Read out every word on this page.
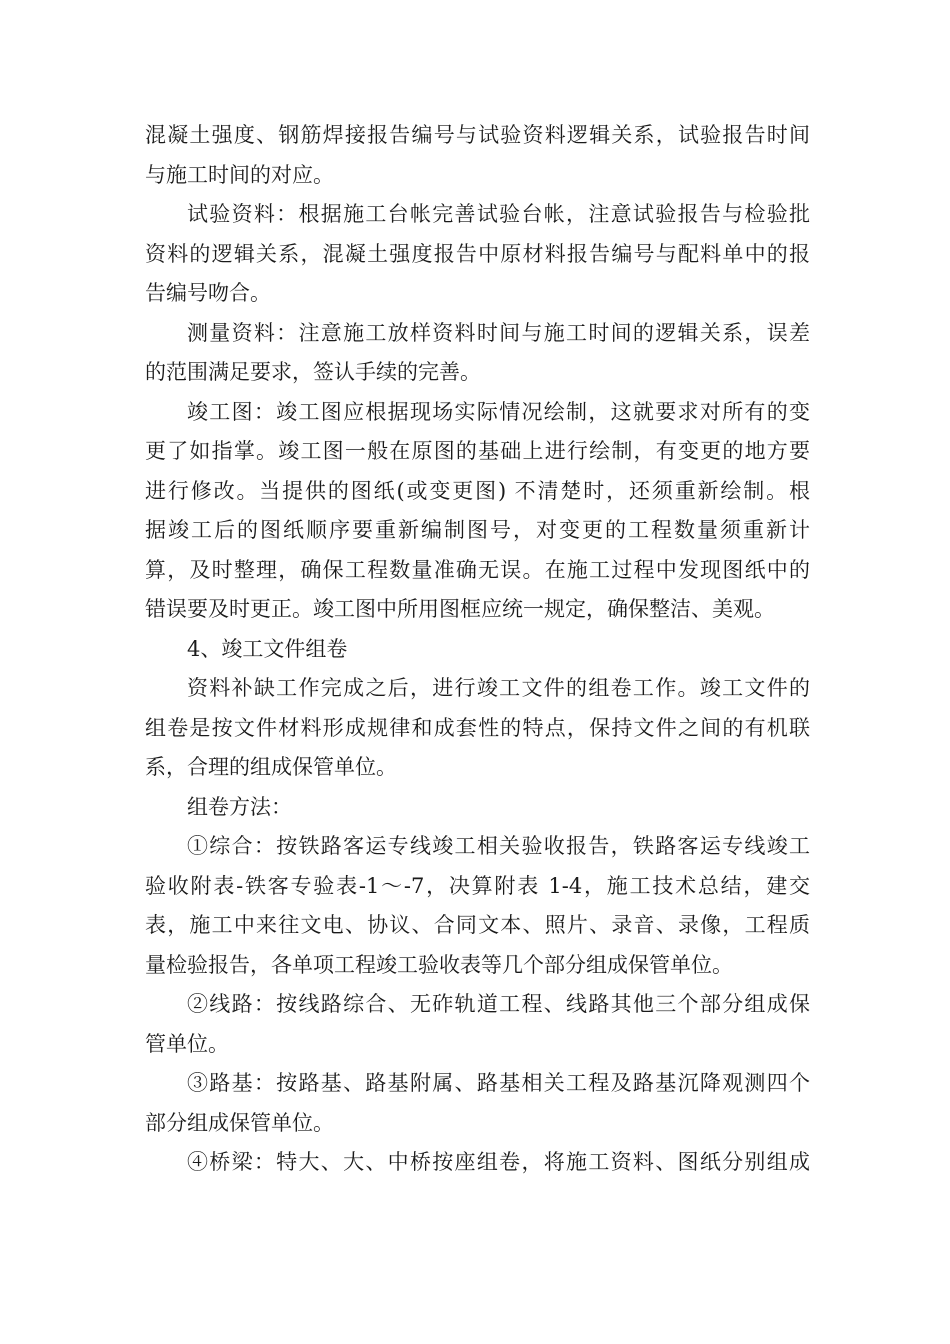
混凝土强度、钢筋焊接报告编号与试验资料逻辑关系，试验报告时间
与施工时间的对应。
试验资料：根据施工台帐完善试验台帐，注意试验报告与检验批
资料的逻辑关系，混凝土强度报告中原材料报告编号与配料单中的报
告编号吻合。
测量资料：注意施工放样资料时间与施工时间的逻辑关系，误差
的范围满足要求，签认手续的完善。
竣工图：竣工图应根据现场实际情况绘制，这就要求对所有的变
更了如指掌。竣工图一般在原图的基础上进行绘制，有变更的地方要
进行修改。当提供的图纸(或变更图) 不清楚时，还须重新绘制。根
据竣工后的图纸顺序要重新编制图号，对变更的工程数量须重新计
算，及时整理，确保工程数量准确无误。在施工过程中发现图纸中的
错误要及时更正。竣工图中所用图框应统一规定，确保整洁、美观。
4、竣工文件组卷
资料补缺工作完成之后，进行竣工文件的组卷工作。竣工文件的
组卷是按文件材料形成规律和成套性的特点，保持文件之间的有机联
系，合理的组成保管单位。
组卷方法：
①综合：按铁路客运专线竣工相关验收报告，铁路客运专线竣工
验收附表-铁客专验表-1～-7，决算附表 1-4，施工技术总结，建交
表，施工中来往文电、协议、合同文本、照片、录音、录像，工程质
量检验报告，各单项工程竣工验收表等几个部分组成保管单位。
②线路：按线路综合、无砟轨道工程、线路其他三个部分组成保
管单位。
③路基：按路基、路基附属、路基相关工程及路基沉降观测四个
部分组成保管单位。
④桥梁：特大、大、中桥按座组卷，将施工资料、图纸分别组成
